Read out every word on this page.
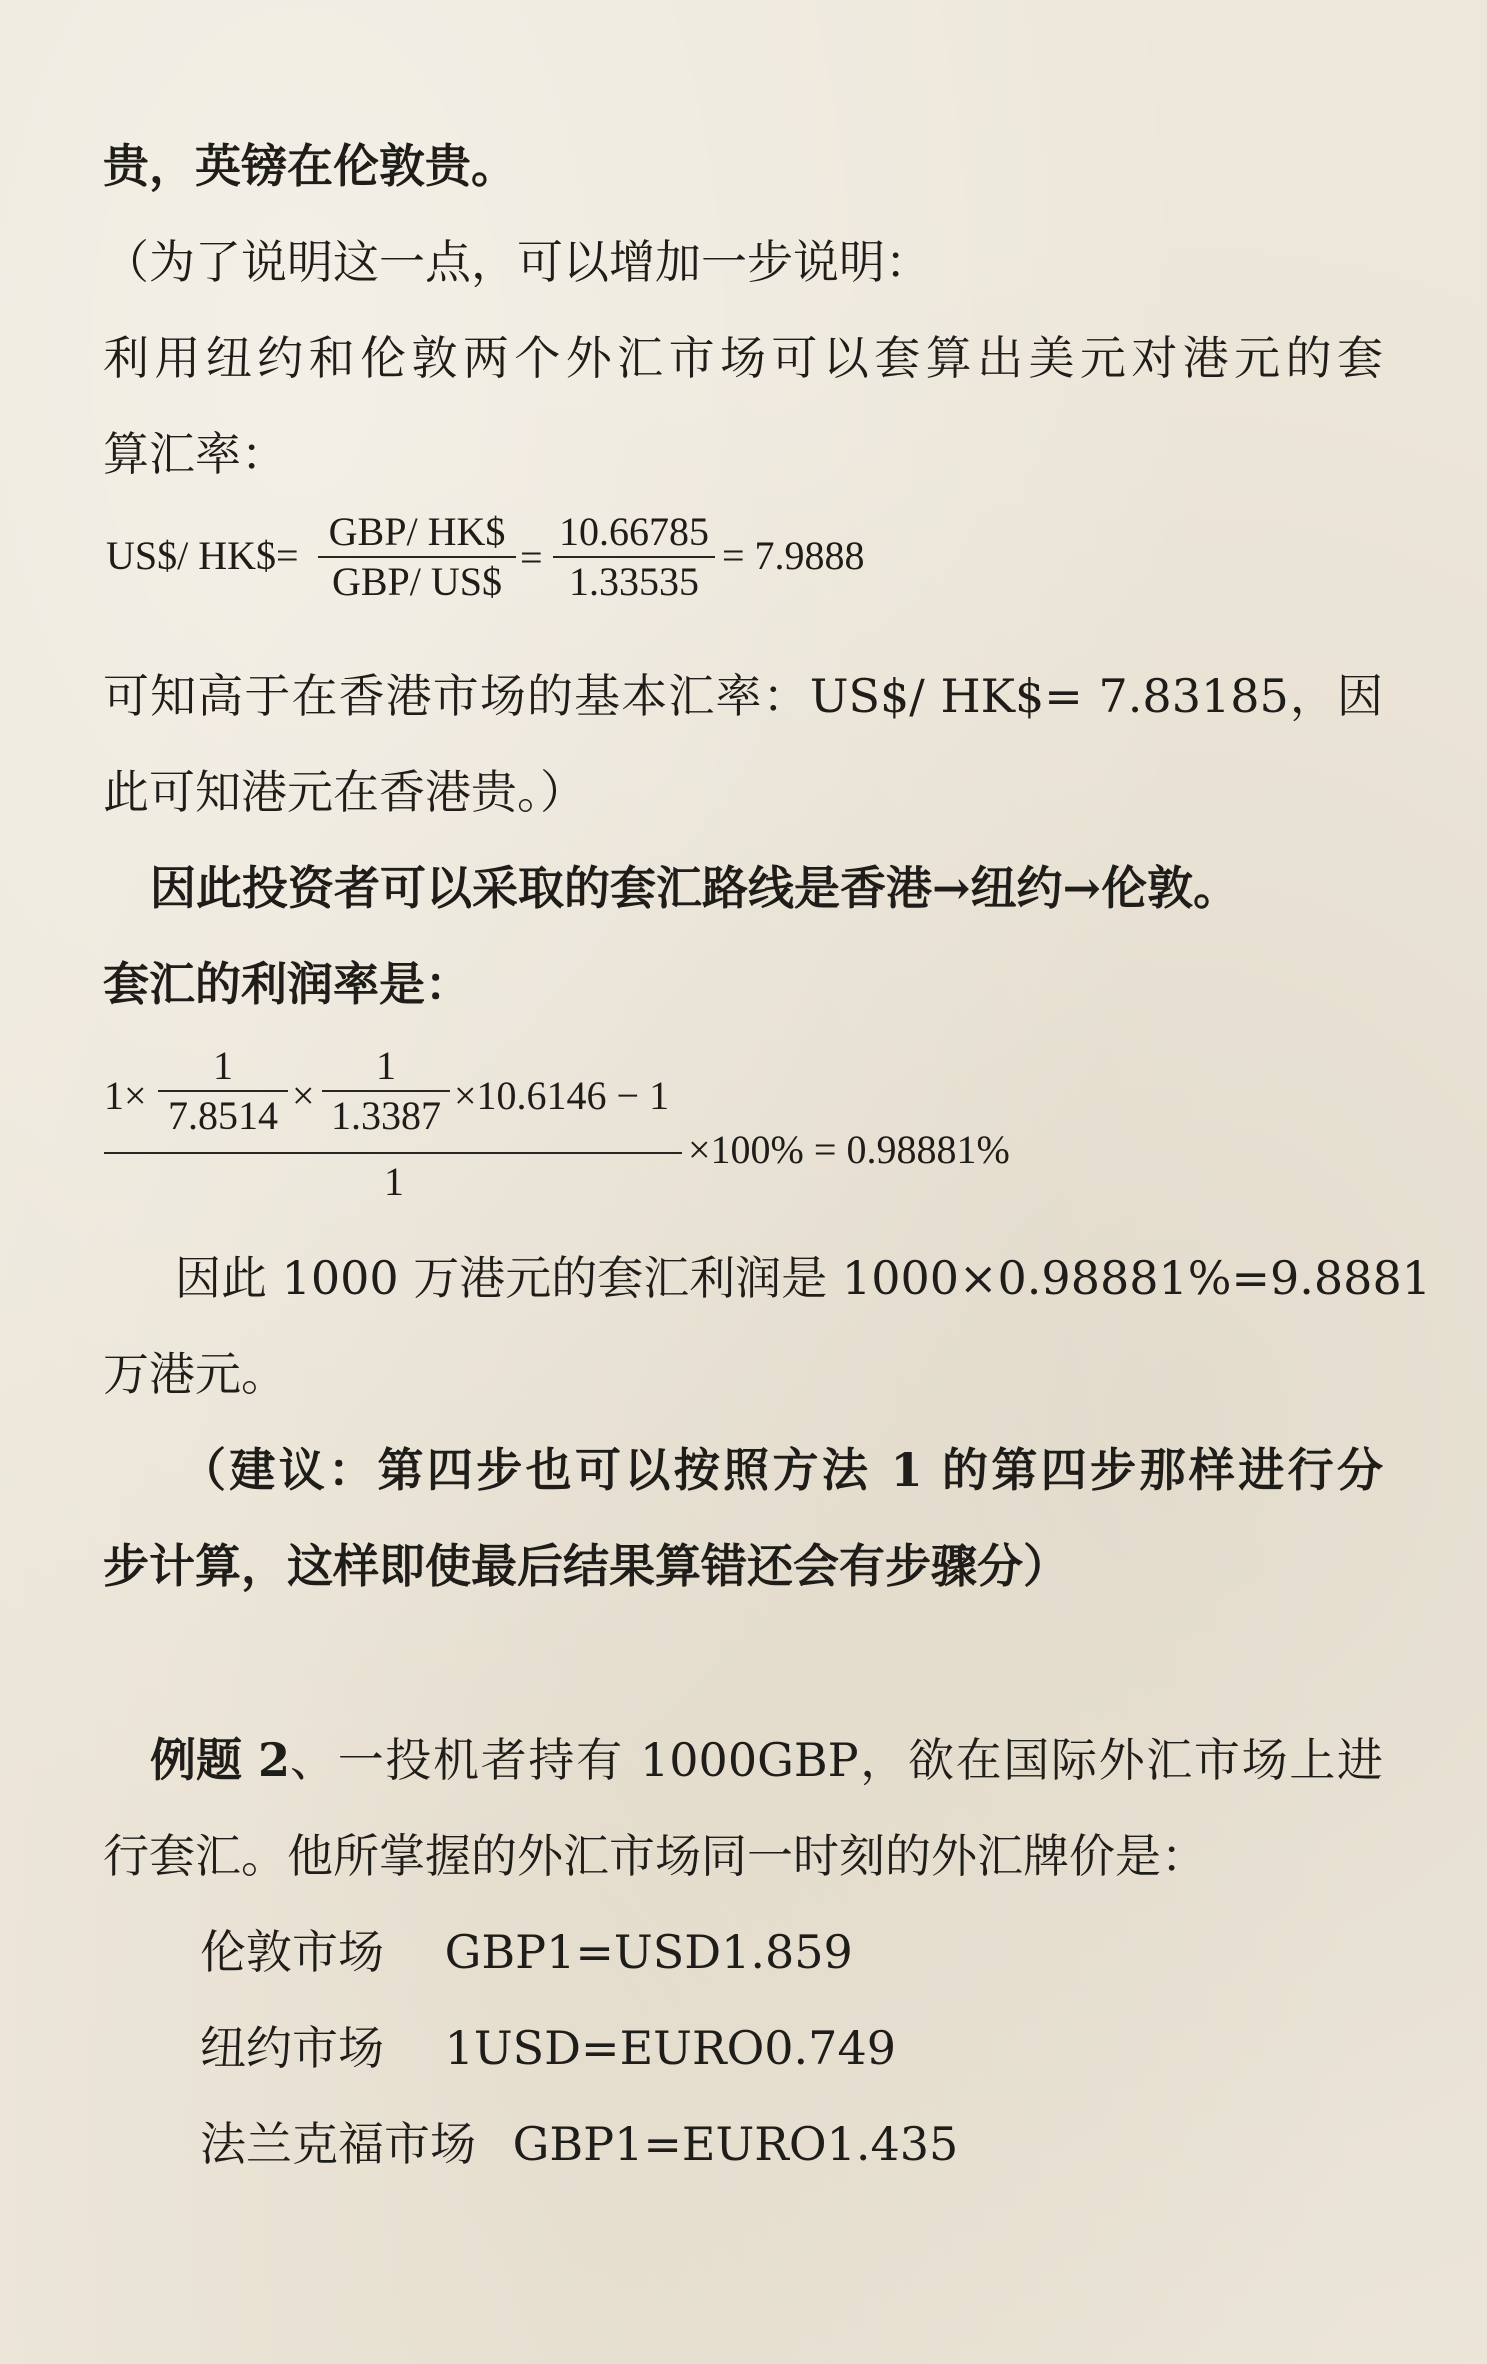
贵，英镑在伦敦贵。
（为了说明这一点，可以增加一步说明：
利用纽约和伦敦两个外汇市场可以套算出美元对港元的套
算汇率：
US$/ HK$=
GBP/ HK$
GBP/ US$
=
10.66785
1.33535
= 7.9888
可知高于在香港市场的基本汇率：US$/ HK$= 7.83185，因
此可知港元在香港贵。）
因此投资者可以采取的套汇路线是香港→纽约→伦敦。
套汇的利润率是：
1×
1
7.8514 ×
1
1.3387 ×10.6146 − 1
1
×100% = 0.98881%
因此 1000 万港元的套汇利润是 1000×0.98881%=9.8881
万港元。
（建议：第四步也可以按照方法 1 的第四步那样进行分
步计算，这样即使最后结果算错还会有步骤分）
例题 2 、一投机者持有 1000GBP，欲在国际外汇市场上进
行套汇。他所掌握的外汇市场同一时刻的外汇牌价是：
伦敦市场 GBP1=USD1.859
纽约市场 1USD=EURO0.749
法兰克福市场 GBP1=EURO1.435
